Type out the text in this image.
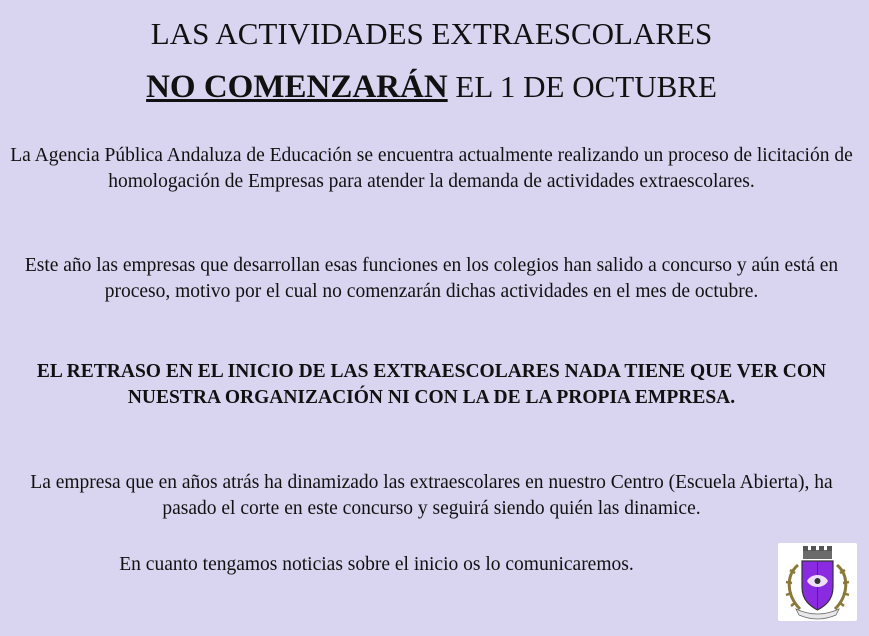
LAS ACTIVIDADES EXTRAESCOLARES
NO COMENZARÁN EL 1 DE OCTUBRE
La Agencia Pública Andaluza de Educación se encuentra actualmente realizando un proceso de licitación de homologación de Empresas para atender la demanda de actividades extraescolares.
Este año las empresas que desarrollan esas funciones en los colegios han salido a concurso y aún está en proceso, motivo por el cual no comenzarán dichas actividades en el mes de octubre.
EL RETRASO EN EL INICIO DE LAS EXTRAESCOLARES NADA TIENE QUE VER CON NUESTRA ORGANIZACIÓN NI CON LA DE LA PROPIA EMPRESA.
La empresa que en años atrás ha dinamizado las extraescolares en nuestro Centro (Escuela Abierta), ha pasado el corte en este concurso y seguirá siendo quién las dinamice.
En cuanto tengamos noticias sobre el inicio os lo comunicaremos.
